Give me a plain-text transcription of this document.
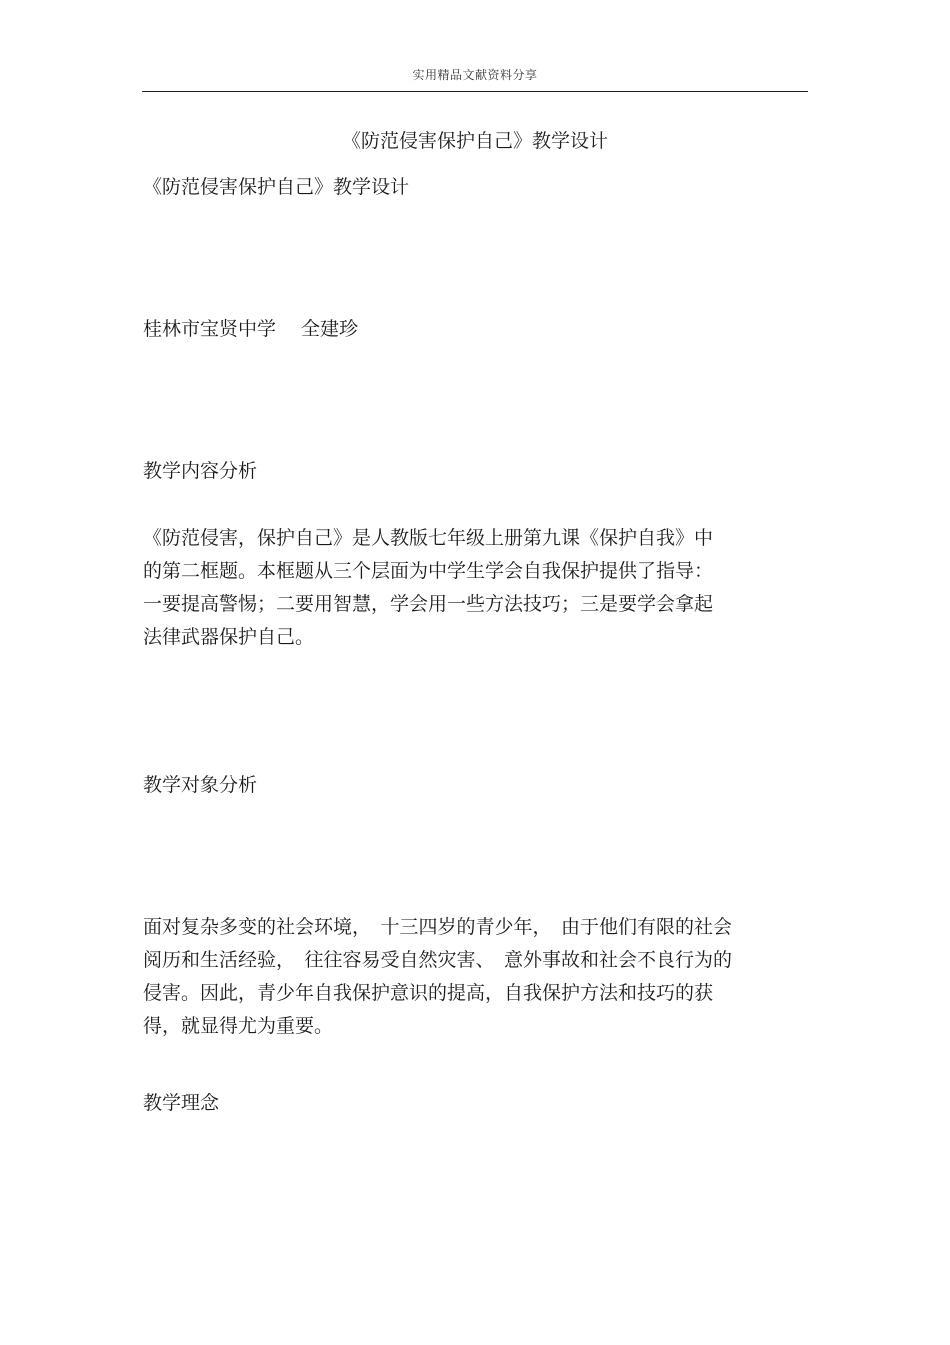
实用精品文献资料分享
《防范侵害保护自己》教学设计
《防范侵害保护自己》教学设计
桂林市宝贤中学　 全建珍
教学内容分析
《防范侵害，保护自己》是人教版七年级上册第九课《保护自我》中
的第二框题。本框题从三个层面为中学生学会自我保护提供了指导：
一要提高警惕；二要用智慧，学会用一些方法技巧；三是要学会拿起
法律武器保护自己。
教学对象分析
面对复杂多变的社会环境，　十三四岁的青少年，　由于他们有限的社会
阅历和生活经验，　往往容易受自然灾害、　意外事故和社会不良行为的
侵害。因此，青少年自我保护意识的提高，自我保护方法和技巧的获
得，就显得尤为重要。
教学理念
